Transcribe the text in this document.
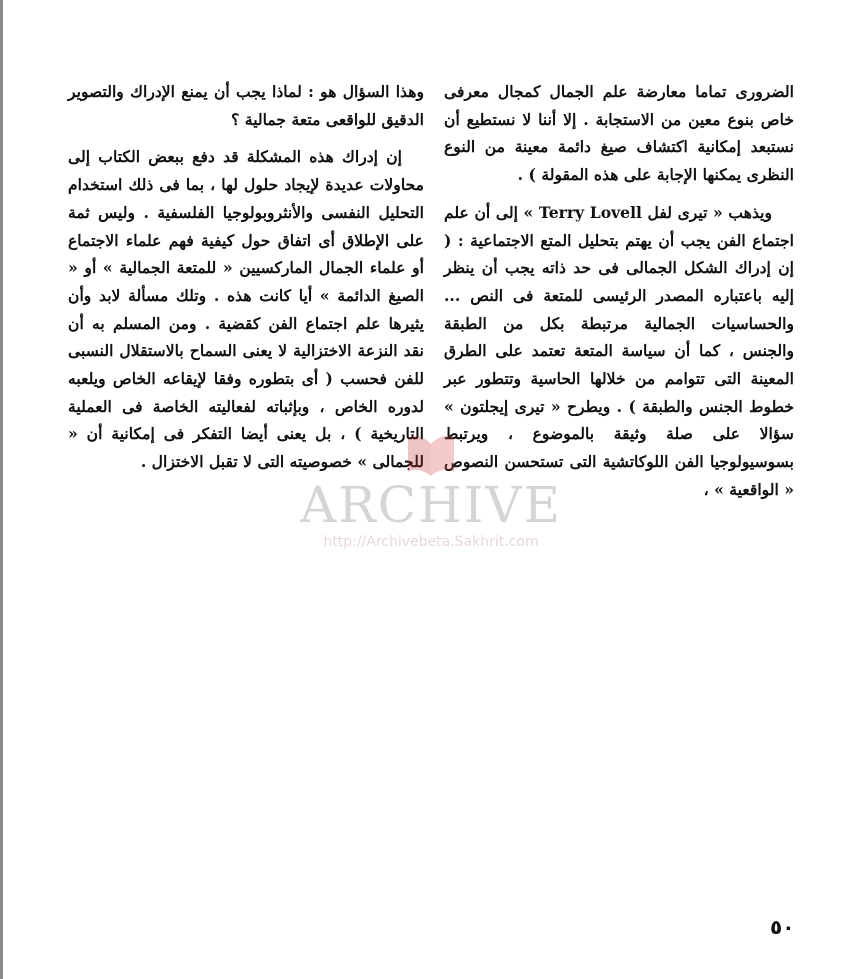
الضرورى تماما معارضة علم الجمال كمجال معرفى خاص بنوع معين من الاستجابة . إلا أننا لا نستطيع أن نستبعد إمكانية اكتشاف صيغ دائمة معينة من النوع النظرى يمكنها الإجابة على هذه المقولة ) .

ويذهب « تيرى لفل Terry Lovell » إلى أن علم اجتماع الفن يجب أن يهتم بتحليل المتع الاجتماعية : ( إن إدراك الشكل الجمالى فى حد ذاته يجب أن ينظر إليه باعتباره المصدر الرئيسى للمتعة فى النص ... والحساسيات الجمالية مرتبطة بكل من الطبقة والجنس ، كما أن سياسة المتعة تعتمد على الطرق المعينة التى تتوامم من خلالها الحاسية وتتطور عبر خطوط الجنس والطبقة ) . ويطرح « تيرى إيجلتون » سؤالا على صلة وثيقة بالموضوع ، ويرتبط بسوسيولوجيا الفن اللوكاتشية التى تستحسن النصوص « الواقعية » ،

وهذا السؤال هو : لماذا يجب أن يمنع الإدراك والتصوير الدقيق للواقعى متعة جمالية ؟

إن إدراك هذه المشكلة قد دفع ببعض الكتاب إلى محاولات عديدة لإيجاد حلول لها ، بما فى ذلك استخدام التحليل النفسى والأنثروبولوجيا الفلسفية . وليس ثمة على الإطلاق أى اتفاق حول كيفية فهم علماء الاجتماع أو علماء الجمال الماركسيين « للمتعة الجمالية » أو « الصيغ الدائمة » أيا كانت هذه . وتلك مسألة لابد وأن يثيرها علم اجتماع الفن كقضية . ومن المسلم به أن نقد النزعة الاختزالية لا يعنى السماح بالاستقلال النسبى للفن فحسب ( أى بتطوره وفقا لإيقاعه الخاص ويلعبه لدوره الخاص ، وبإثباته لفعاليته الخاصة فى العملية التاريخية ) ، بل يعنى أيضا التفكر فى إمكانية أن « للجمالى » خصوصيته التى لا تقبل الاختزال .

ARCHIVE
http://Archivebeta.Sakhrit.com
٥٠
